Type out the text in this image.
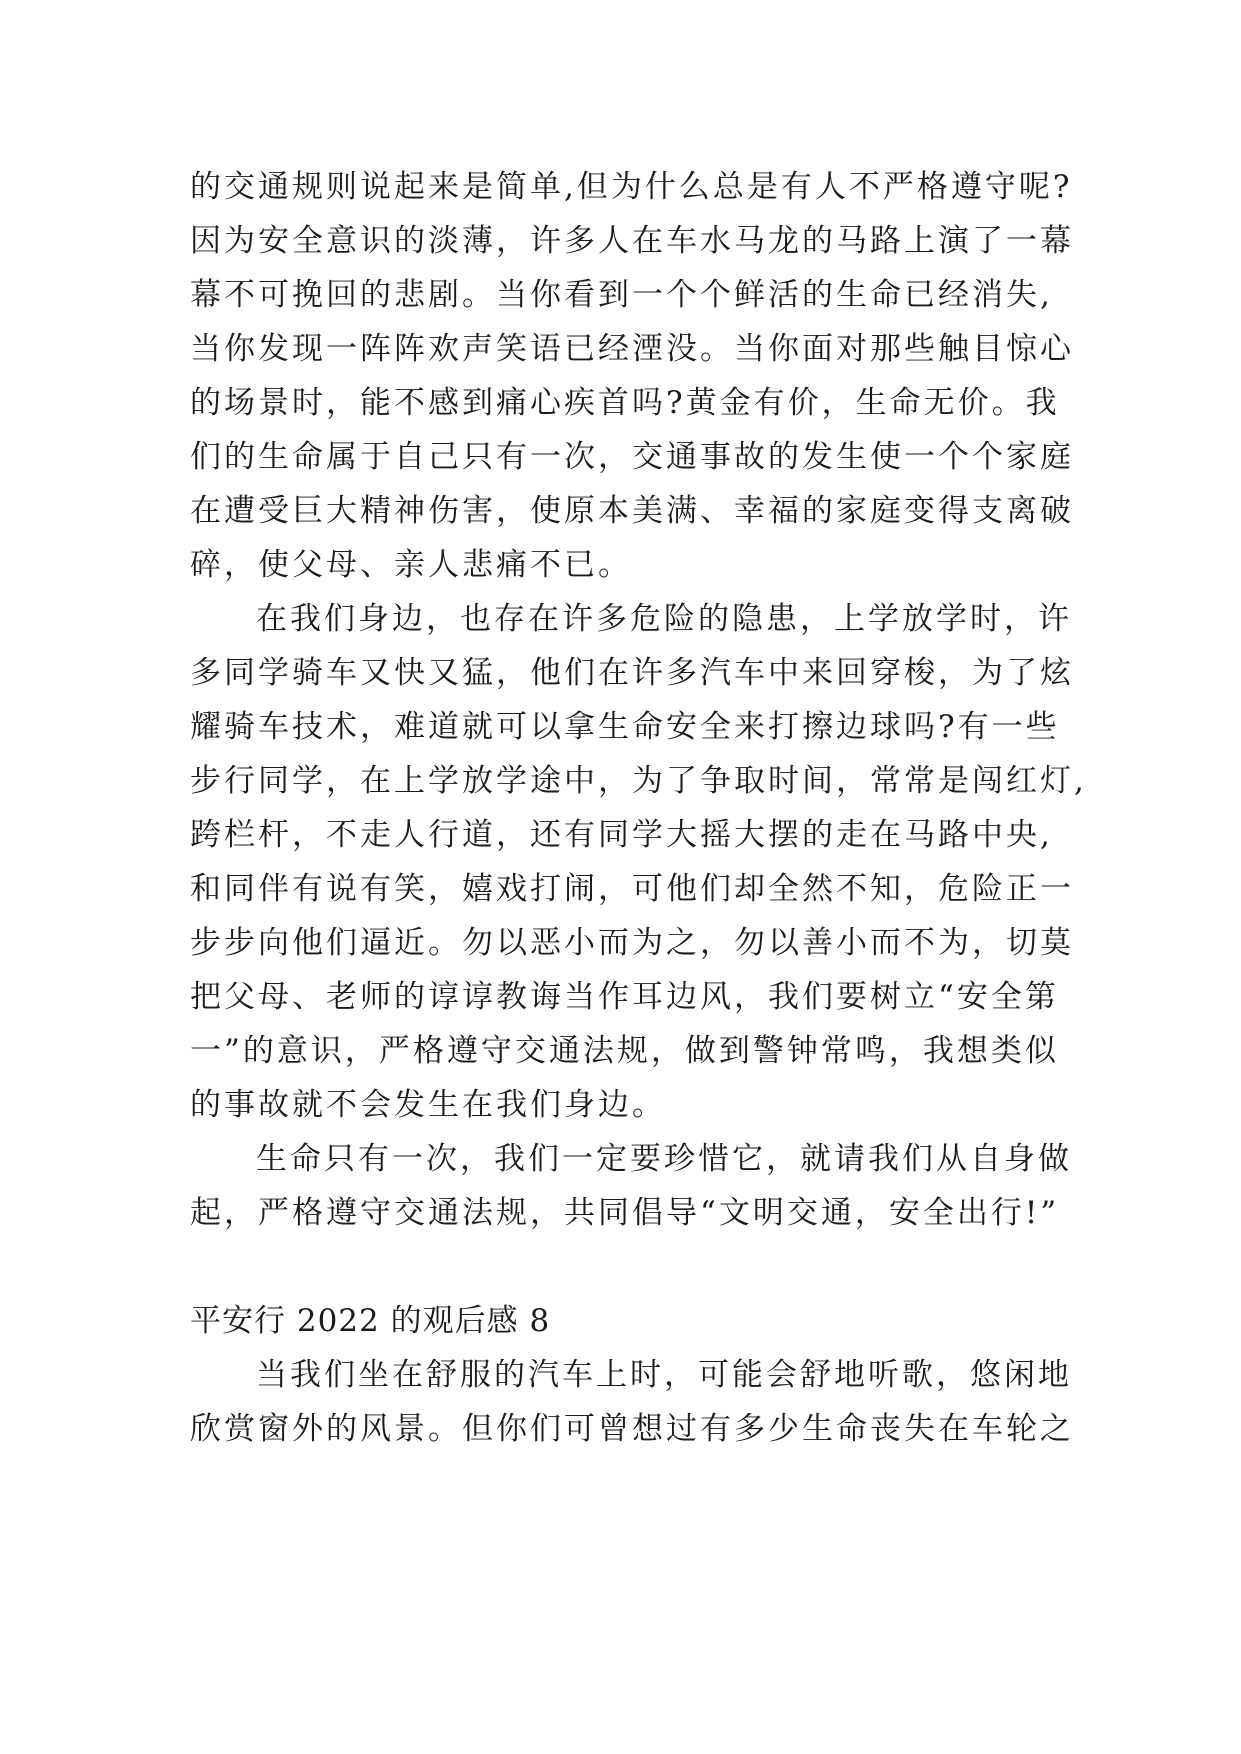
的交通规则说起来是简单,但为什么总是有人不严格遵守呢?
因为安全意识的淡薄，许多人在车水马龙的马路上演了一幕
幕不可挽回的悲剧。当你看到一个个鲜活的生命已经消失,
当你发现一阵阵欢声笑语已经湮没。当你面对那些触目惊心
的场景时，能不感到痛心疾首吗?黄金有价，生命无价。我
们的生命属于自己只有一次，交通事故的发生使一个个家庭
在遭受巨大精神伤害，使原本美满、幸福的家庭变得支离破
碎，使父母、亲人悲痛不已。
在我们身边，也存在许多危险的隐患，上学放学时，许
多同学骑车又快又猛，他们在许多汽车中来回穿梭，为了炫
耀骑车技术，难道就可以拿生命安全来打擦边球吗?有一些
步行同学，在上学放学途中，为了争取时间，常常是闯红灯,
跨栏杆，不走人行道，还有同学大摇大摆的走在马路中央,
和同伴有说有笑，嬉戏打闹，可他们却全然不知，危险正一
步步向他们逼近。勿以恶小而为之，勿以善小而不为，切莫
把父母、老师的谆谆教诲当作耳边风，我们要树立“安全第
一”的意识，严格遵守交通法规，做到警钟常鸣，我想类似
的事故就不会发生在我们身边。
生命只有一次，我们一定要珍惜它，就请我们从自身做
起，严格遵守交通法规，共同倡导“文明交通，安全出行!”
平安行 2022 的观后感 8
当我们坐在舒服的汽车上时，可能会舒地听歌，悠闲地
欣赏窗外的风景。但你们可曾想过有多少生命丧失在车轮之
